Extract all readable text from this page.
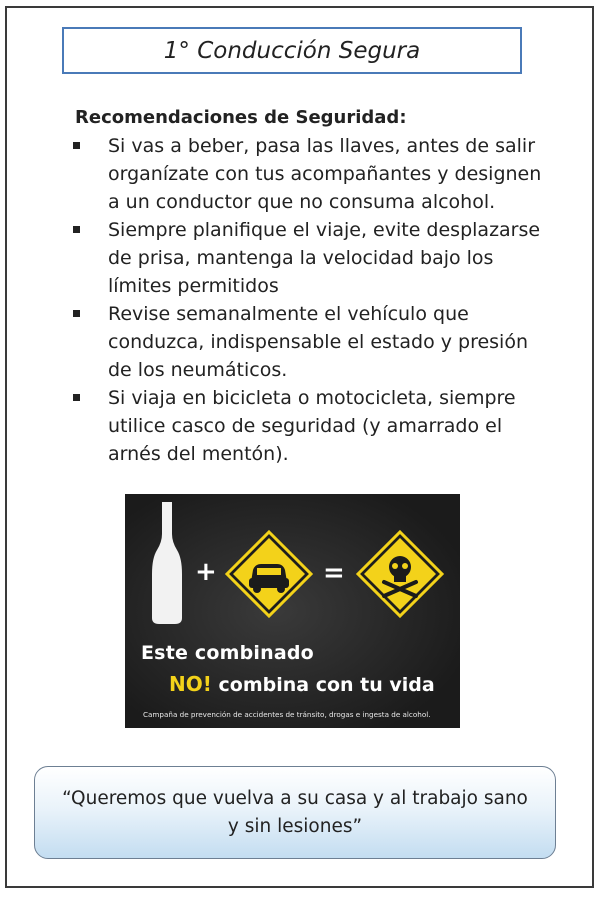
1° Conducción Segura
Recomendaciones de Seguridad:
Si vas a beber, pasa las llaves, antes de salir
organízate con tus acompañantes y designen
a un conductor que no consuma alcohol.
Siempre planifique el viaje, evite desplazarse
de prisa, mantenga la velocidad bajo los
límites permitidos
Revise semanalmente el vehículo que
conduzca, indispensable el estado y presión
de los neumáticos.
Si viaja en bicicleta o motocicleta, siempre
utilice casco de seguridad (y amarrado el
arnés del mentón).
+	=
Este combinado
NO! combina con tu vida
Campaña de prevención de accidentes de tránsito, drogas e ingesta de alcohol.
“Queremos que vuelva a su casa y al trabajo sano
y sin lesiones”
